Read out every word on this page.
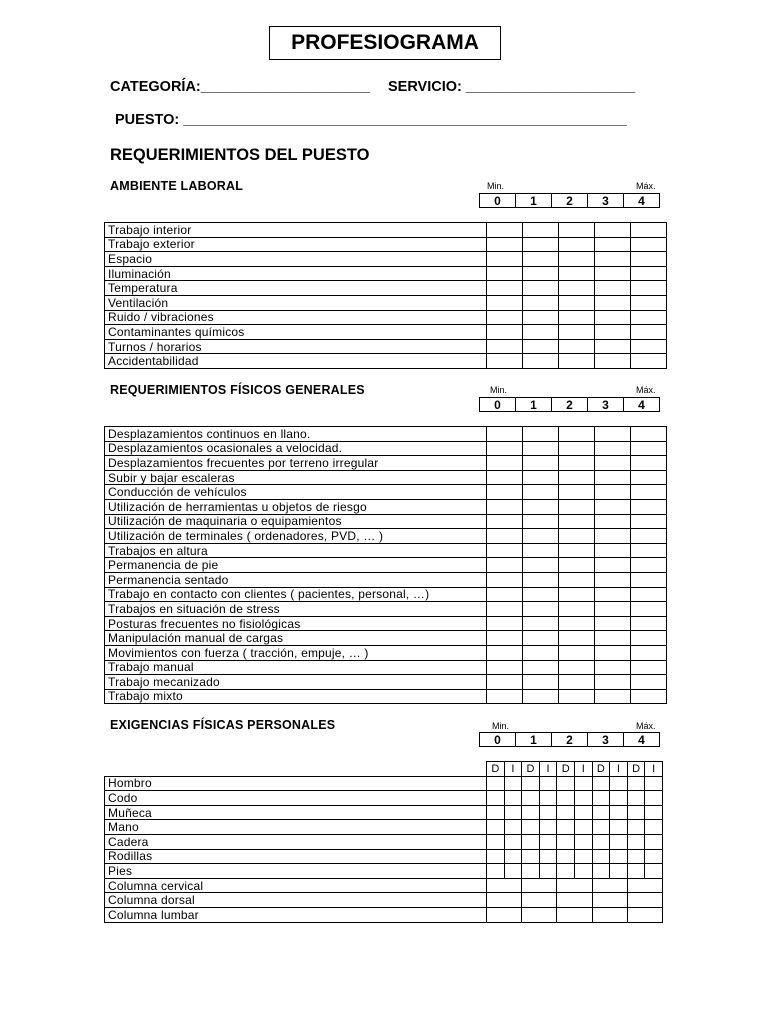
PROFESIOGRAMA
CATEGORÍA:_____________________ SERVICIO: _____________________
PUESTO: _______________________________________________________
REQUERIMIENTOS DEL PUESTO
AMBIENTE LABORAL	Min.	Máx.
0	1	2	3	4
Trabajo interior					
Trabajo exterior					
Espacio					
Iluminación					
Temperatura					
Ventilación					
Ruido / vibraciones					
Contaminantes químicos					
Turnos / horarios					
Accidentabilidad					
REQUERIMIENTOS FÍSICOS GENERALES	Min.	Máx.
0	1	2	3	4
Desplazamientos continuos en llano.					
Desplazamientos ocasionales a velocidad.					
Desplazamientos frecuentes por terreno irregular					
Subir y bajar escaleras					
Conducción de vehículos					
Utilización de herramientas u objetos de riesgo					
Utilización de maquinaria o equipamientos					
Utilización de terminales ( ordenadores, PVD, … )					
Trabajos en altura					
Permanencia de pie					
Permanencia sentado					
Trabajo en contacto con clientes ( pacientes, personal, …)					
Trabajos en situación de stress					
Posturas frecuentes no fisiológicas					
Manipulación manual de cargas					
Movimientos con fuerza ( tracción, empuje, … )					
Trabajo manual					
Trabajo mecanizado					
Trabajo mixto					
EXIGENCIAS FÍSICAS PERSONALES	Min.	Máx.
0	1	2	3	4
	D	I	D	I	D	I	D	I	D	I
Hombro										
Codo										
Muñeca										
Mano										
Cadera										
Rodillas										
Pies										
Columna cervical										
Columna dorsal										
Columna lumbar										
